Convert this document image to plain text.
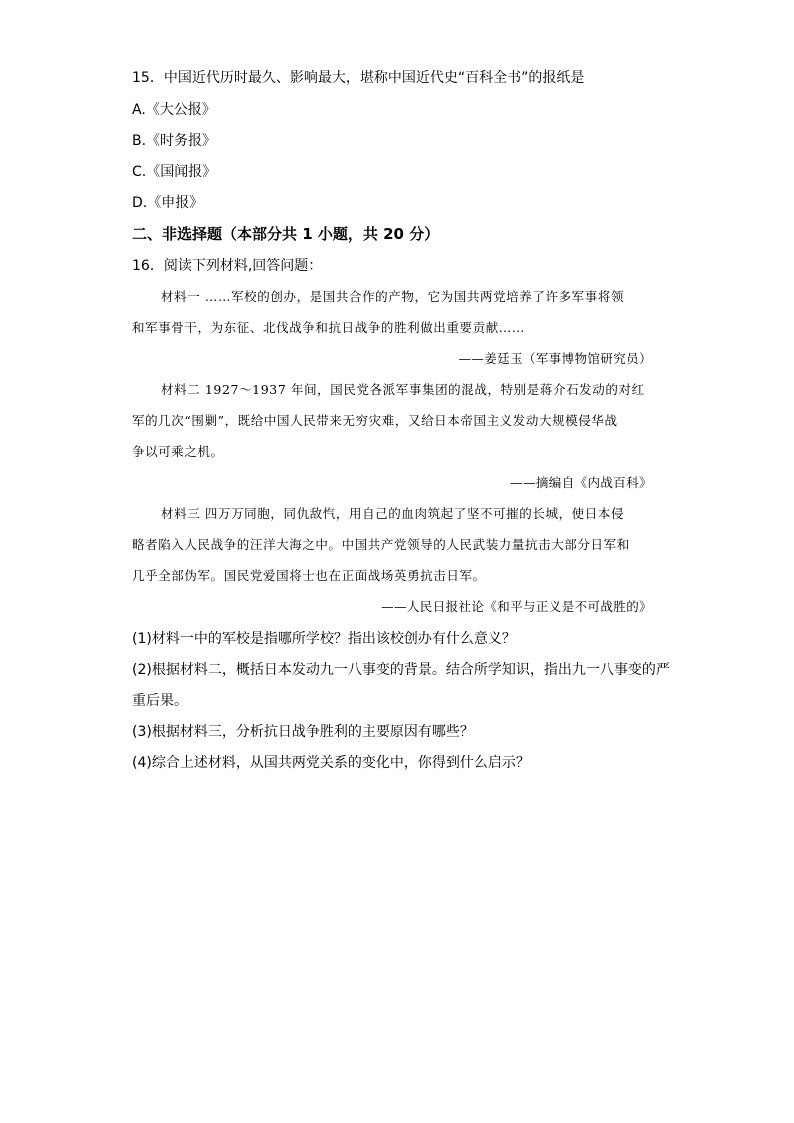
15．中国近代历时最久、影响最大，堪称中国近代史“百科全书”的报纸是
A.《大公报》
B.《时务报》
C.《国闻报》
D.《申报》
二、非选择题（本部分共 1 小题，共 20 分）
16．阅读下列材料,回答问题：
材料一 ……军校的创办，是国共合作的产物，它为国共两党培养了许多军事将领
和军事骨干，为东征、北伐战争和抗日战争的胜利做出重要贡献……
——姜廷玉（军事博物馆研究员）
材料二 1927～1937 年间，国民党各派军事集团的混战，特别是蒋介石发动的对红
军的几次“围剿”，既给中国人民带来无穷灾难，又给日本帝国主义发动大规模侵华战
争以可乘之机。
——摘编自《内战百科》
材料三 四万万同胞，同仇敌忾，用自己的血肉筑起了坚不可摧的长城，使日本侵
略者陷入人民战争的汪洋大海之中。中国共产党领导的人民武装力量抗击大部分日军和
几乎全部伪军。国民党爱国将士也在正面战场英勇抗击日军。
——人民日报社论《和平与正义是不可战胜的》
(1)材料一中的军校是指哪所学校？指出该校创办有什么意义？
(2)根据材料二，概括日本发动九一八事变的背景。结合所学知识，指出九一八事变的严
重后果。
(3)根据材料三，分析抗日战争胜利的主要原因有哪些？
(4)综合上述材料，从国共两党关系的变化中，你得到什么启示？
